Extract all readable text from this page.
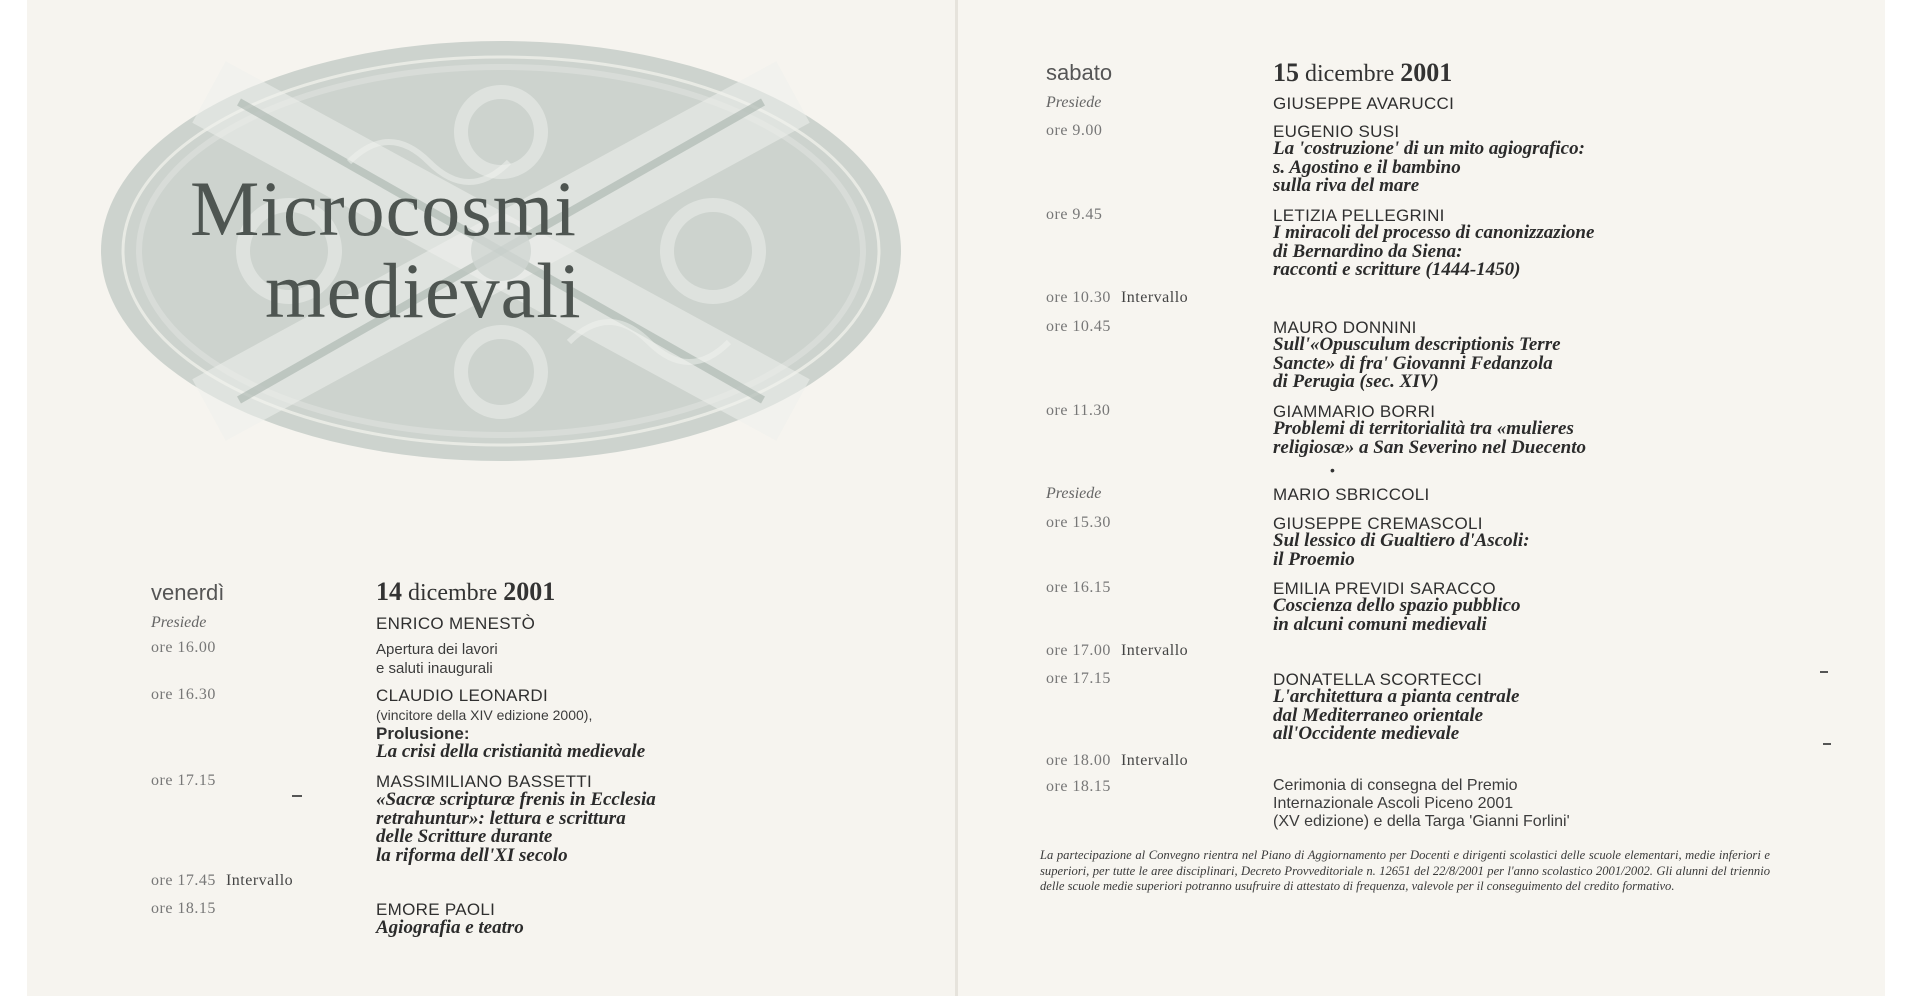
Microcosmi
medievali
venerdì	14 dicembre 2001
Presiede	ENRICO MENESTÒ
ore 16.00	Apertura dei lavori
e saluti inaugurali
ore 16.30	CLAUDIO LEONARDI
(vincitore della XIV edizione 2000),
Prolusione:
La crisi della cristianità medievale
ore 17.15	MASSIMILIANO BASSETTI
«Sacræ scripturæ frenis in Ecclesia
retrahuntur»: lettura e scrittura
delle Scritture durante
la riforma dell'XI secolo
ore 17.45 Intervallo
ore 18.15	EMORE PAOLI
Agiografia e teatro
sabato	15 dicembre 2001
Presiede	GIUSEPPE AVARUCCI
ore 9.00	EUGENIO SUSI
La 'costruzione' di un mito agiografico:
s. Agostino e il bambino
sulla riva del mare
ore 9.45	LETIZIA PELLEGRINI
I miracoli del processo di canonizzazione
di Bernardino da Siena:
racconti e scritture (1444-1450)
ore 10.30 Intervallo
ore 10.45	MAURO DONNINI
Sull'«Opusculum descriptionis Terre
Sancte» di fra' Giovanni Fedanzola
di Perugia (sec. XIV)
ore 11.30	GIAMMARIO BORRI
Problemi di territorialità tra «mulieres
religiosæ» a San Severino nel Duecento
•
Presiede	MARIO SBRICCOLI
ore 15.30	GIUSEPPE CREMASCOLI
Sul lessico di Gualtiero d'Ascoli:
il Proemio
ore 16.15	EMILIA PREVIDI SARACCO
Coscienza dello spazio pubblico
in alcuni comuni medievali
ore 17.00 Intervallo
ore 17.15	DONATELLA SCORTECCI
L'architettura a pianta centrale
dal Mediterraneo orientale
all'Occidente medievale
ore 18.00 Intervallo
ore 18.15	Cerimonia di consegna del Premio
Internazionale Ascoli Piceno 2001
(XV edizione) e della Targa 'Gianni Forlini'
La partecipazione al Convegno rientra nel Piano di Aggiornamento per Docenti e dirigenti scolastici delle scuole elementari, medie inferiori e superiori, per tutte le aree disciplinari, Decreto Provveditoriale n. 12651 del 22/8/2001 per l'anno scolastico 2001/2002. Gli alunni del triennio delle scuole medie superiori potranno usufruire di attestato di frequenza, valevole per il conseguimento del credito formativo.
